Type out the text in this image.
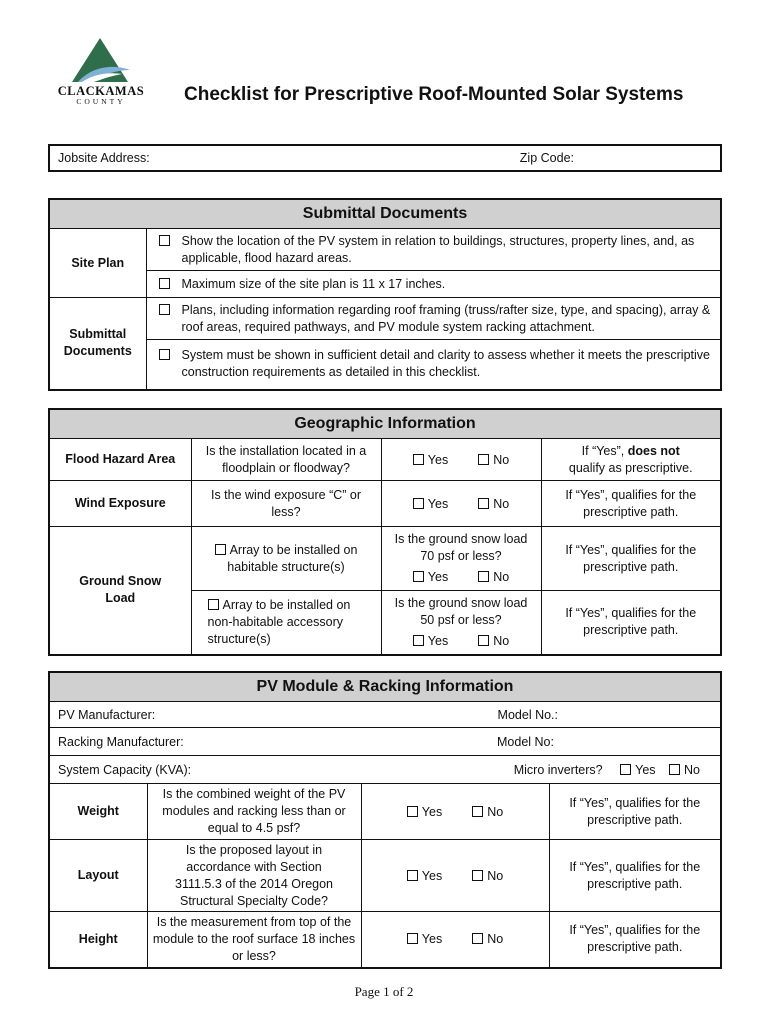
CLACKAMAS
COUNTY	Checklist for Prescriptive Roof-Mounted Solar Systems
Jobsite Address:	Zip Code:
Submittal Documents	
Site Plan	Show the location of the PV system in relation to buildings, structures, property lines, and, as applicable, flood hazard areas.

	Maximum size of the site plan is 11 x 17 inches.

Submittal Documents	Plans, including information regarding roof framing (truss/rafter size, type, and spacing), array & roof areas, required pathways, and PV module system racking attachment.

	System must be shown in sufficient detail and clarity to assess whether it meets the prescriptive construction requirements as detailed in this checklist.
Geographic Information			
Flood Hazard Area	Is the installation located in a floodplain or floodway?	Yes No	If “Yes”, does not
qualify as prescriptive.
Wind Exposure	Is the wind exposure “C” or less?	Yes No	If “Yes”, qualifies for the prescriptive path.
Ground Snow Load	Array to be installed on habitable structure(s)	Is the ground snow load 70 psf or less?
Yes No	If “Yes”, qualifies for the prescriptive path.
	Array to be installed on non-habitable accessory structure(s)	Is the ground snow load 50 psf or less?
Yes No	If “Yes”, qualifies for the prescriptive path.
PV Module & Racking Information			

PV Manufacturer: Model No.:			

Racking Manufacturer: Model No:			

System Capacity (KVA): Micro inverters? Yes No			

Weight	Is the combined weight of the PV modules and racking less than or equal to 4.5 psf?	Yes No	If “Yes”, qualifies for the prescriptive path.
Layout	Is the proposed layout in accordance with Section 3111.5.3 of the 2014 Oregon Structural Specialty Code?	Yes No	If “Yes”, qualifies for the prescriptive path.
Height	Is the measurement from top of the module to the roof surface 18 inches or less?	Yes No	If “Yes”, qualifies for the prescriptive path.
Page 1 of 2
